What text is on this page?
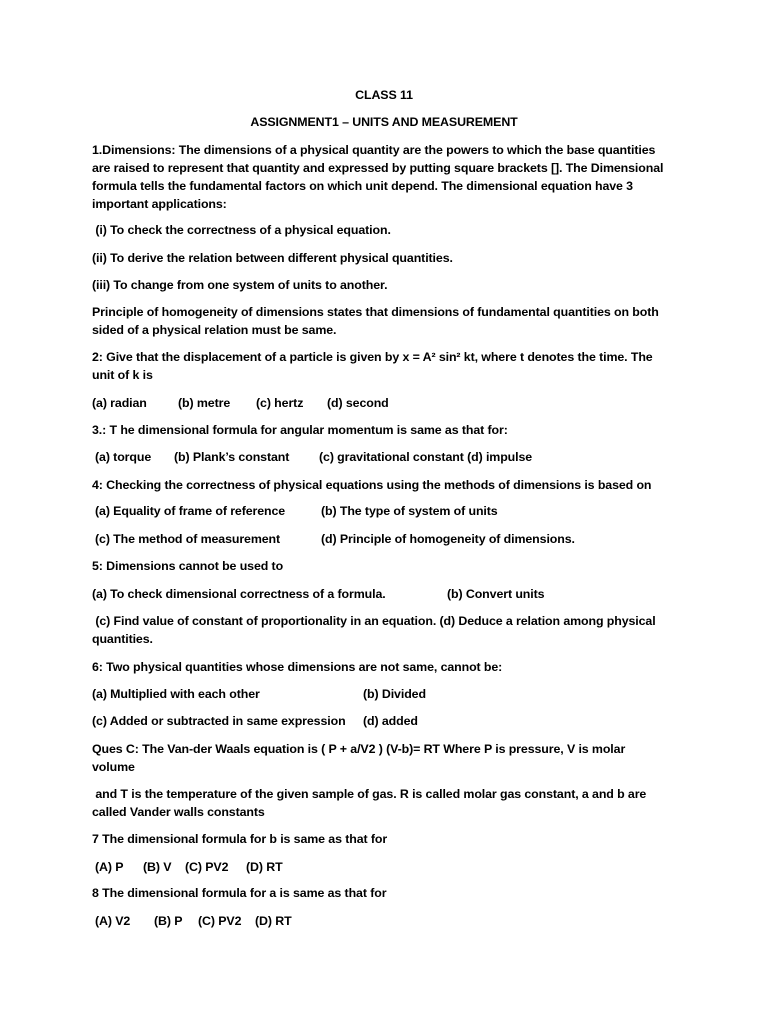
CLASS 11
ASSIGNMENT1 – UNITS AND MEASUREMENT
1.Dimensions: The dimensions of a physical quantity are the powers to which the base quantities
are raised to represent that quantity and expressed by putting square brackets []. The Dimensional
formula tells the fundamental factors on which unit depend. The dimensional equation have 3
important applications:
(i) To check the correctness of a physical equation.
(ii) To derive the relation between different physical quantities.
(iii) To change from one system of units to another.
Principle of homogeneity of dimensions states that dimensions of fundamental quantities on both
sided of a physical relation must be same.
2: Give that the displacement of a particle is given by x = A² sin² kt, where t denotes the time. The
unit of k is
(a) radian	(b) metre (c) hertz (d) second
3.: T he dimensional formula for angular momentum is same as that for:
(a) torque (b) Plank’s constant (c) gravitational constant (d) impulse
4: Checking the correctness of physical equations using the methods of dimensions is based on
(a) Equality of frame of reference	(b) The type of system of units
(c) The method of measurement	(d) Principle of homogeneity of dimensions.
5: Dimensions cannot be used to
(a) To check dimensional correctness of a formula.	(b) Convert units
(c) Find value of constant of proportionality in an equation. (d) Deduce a relation among physical
quantities.
6: Two physical quantities whose dimensions are not same, cannot be:
(a) Multiplied with each other	(b) Divided
(c) Added or subtracted in same expression (d) added
Ques C: The Van-der Waals equation is ( P + a/V2 ) (V-b)= RT Where P is pressure, V is molar
volume
and T is the temperature of the given sample of gas. R is called molar gas constant, a and b are
called Vander walls constants
7 The dimensional formula for b is same as that for
(A) P (B) V (C) PV2 (D) RT
8 The dimensional formula for a is same as that for
(A) V2 (B) P (C) PV2 (D) RT
